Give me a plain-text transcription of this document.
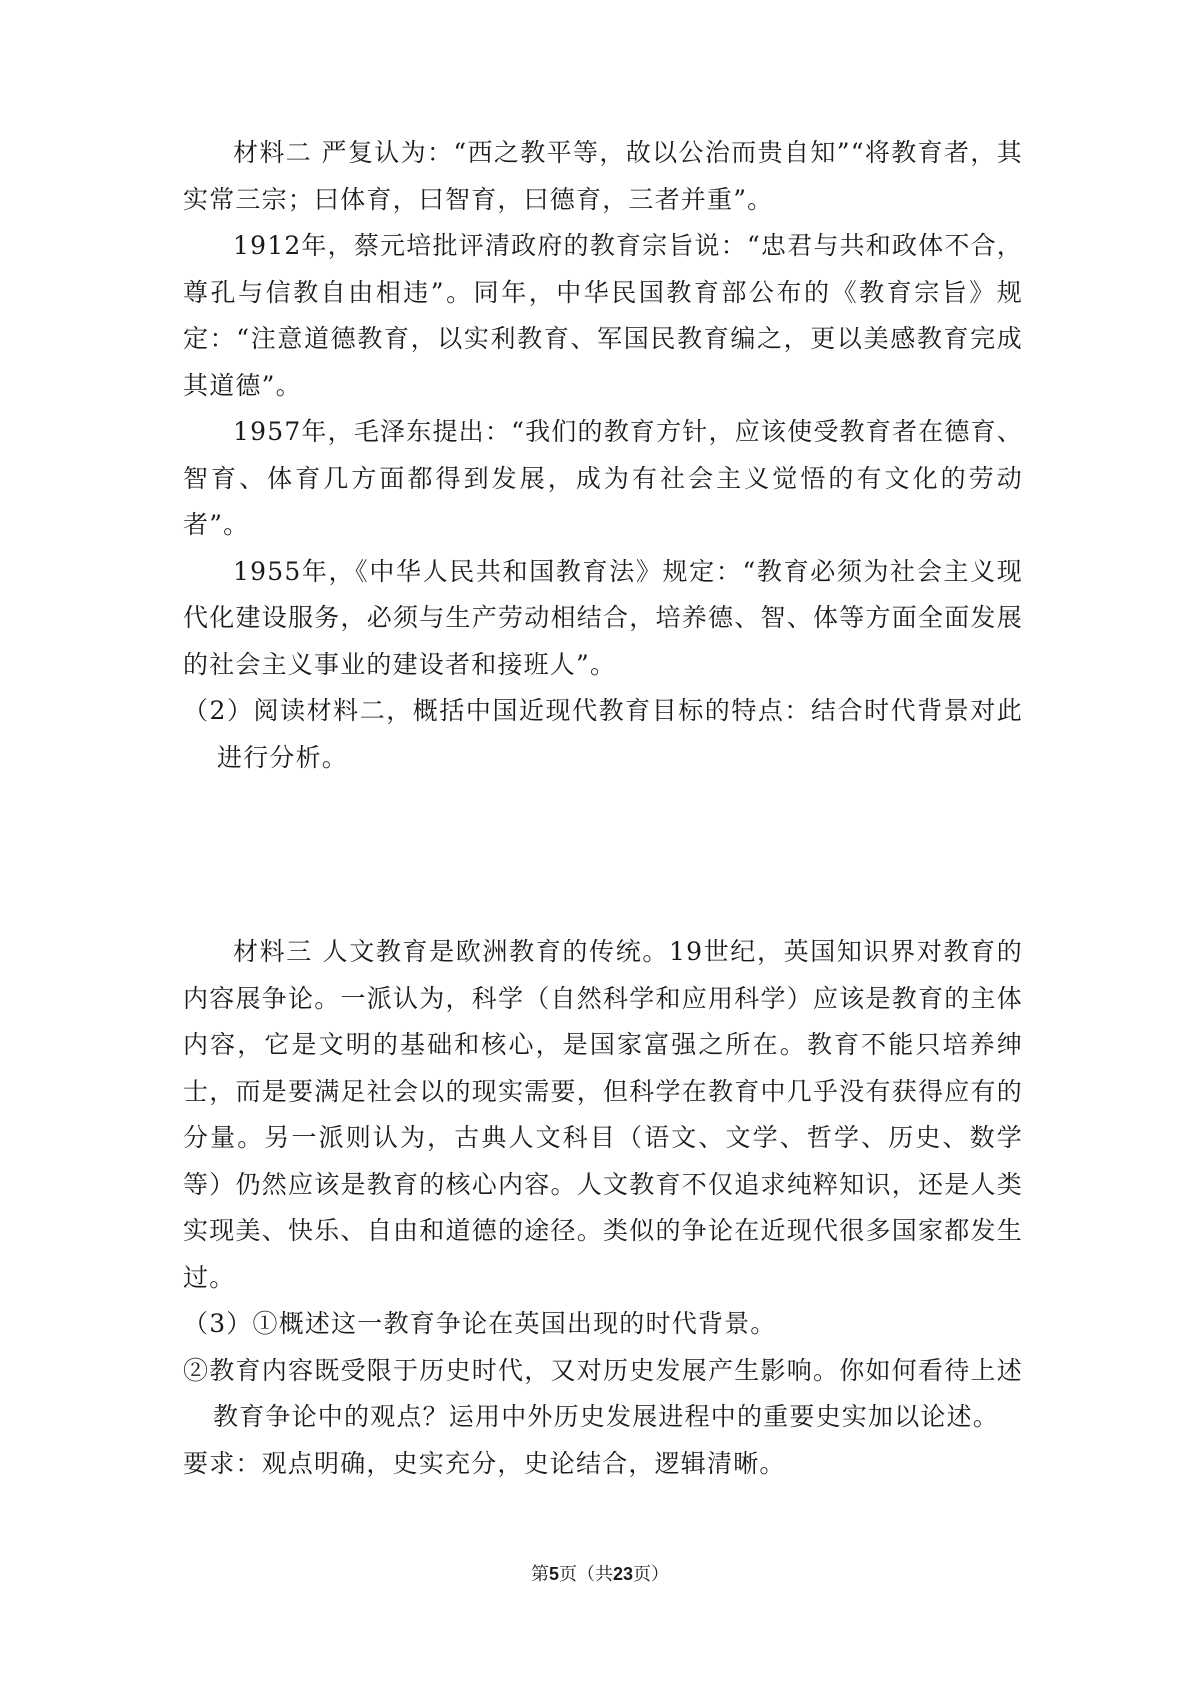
材料二 严复认为：“西之教平等，故以公治而贵自知”“将教育者，其实常三宗；曰体育，曰智育，曰德育，三者并重”。

1912年，蔡元培批评清政府的教育宗旨说：“忠君与共和政体不合，尊孔与信教自由相违”。同年，中华民国教育部公布的《教育宗旨》规定：“注意道德教育，以实利教育、军国民教育编之，更以美感教育完成其道德”。

1957年，毛泽东提出：“我们的教育方针，应该使受教育者在德育、智育、体育几方面都得到发展，成为有社会主义觉悟的有文化的劳动者”。

1955年，《中华人民共和国教育法》规定：“教育必须为社会主义现代化建设服务，必须与生产劳动相结合，培养德、智、体等方面全面发展的社会主义事业的建设者和接班人”。

（2）阅读材料二，概括中国近现代教育目标的特点：结合时代背景对此进行分析。

材料三 人文教育是欧洲教育的传统。19世纪，英国知识界对教育的内容展争论。一派认为，科学（自然科学和应用科学）应该是教育的主体内容，它是文明的基础和核心，是国家富强之所在。教育不能只培养绅士，而是要满足社会以的现实需要，但科学在教育中几乎没有获得应有的分量。另一派则认为，古典人文科目（语文、文学、哲学、历史、数学等）仍然应该是教育的核心内容。人文教育不仅追求纯粹知识，还是人类实现美、快乐、自由和道德的途径。类似的争论在近现代很多国家都发生过。

（3）①概述这一教育争论在英国出现的时代背景。

②教育内容既受限于历史时代，又对历史发展产生影响。你如何看待上述教育争论中的观点？运用中外历史发展进程中的重要史实加以论述。

要求：观点明确，史实充分，史论结合，逻辑清晰。

第5页（共23页）
